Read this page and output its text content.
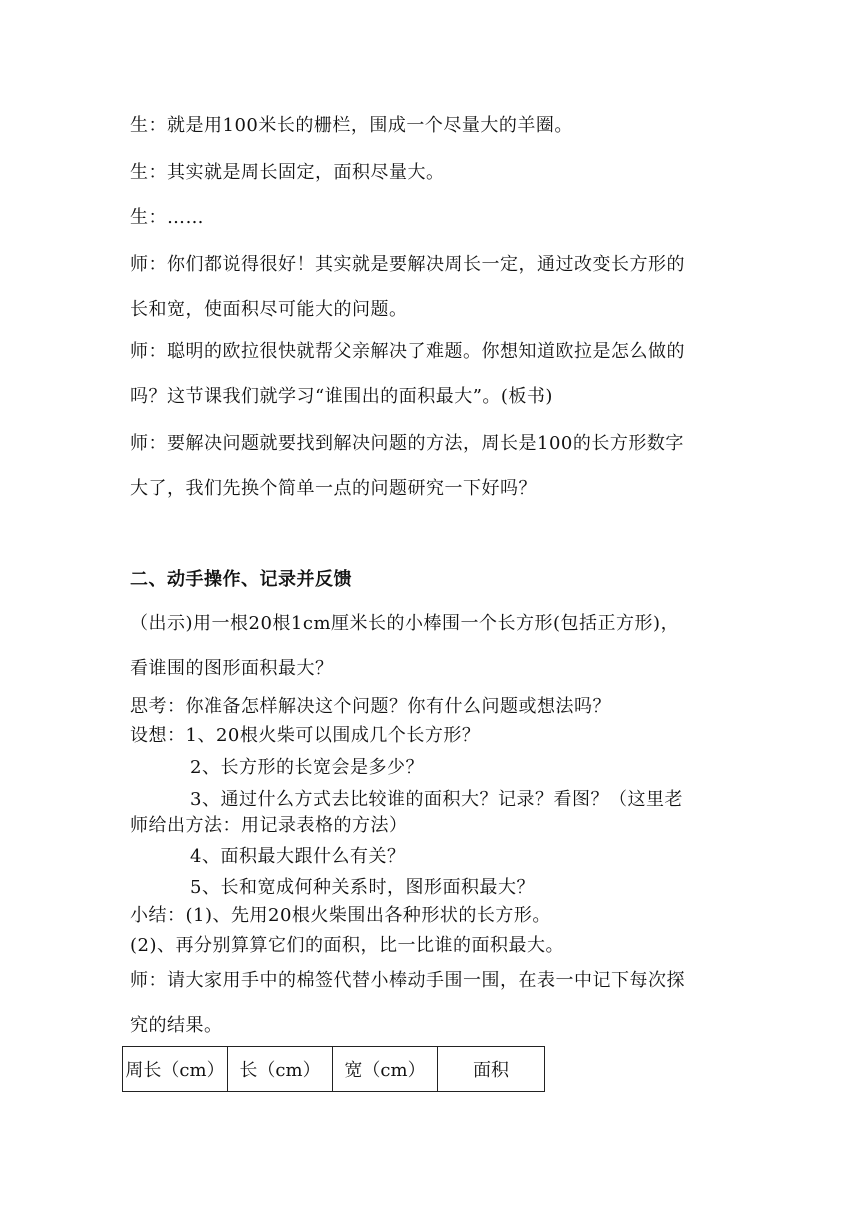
生：就是用100米长的栅栏，围成一个尽量大的羊圈。
生：其实就是周长固定，面积尽量大。
生：……
师：你们都说得很好！其实就是要解决周长一定，通过改变长方形的
长和宽，使面积尽可能大的问题。
师：聪明的欧拉很快就帮父亲解决了难题。你想知道欧拉是怎么做的
吗？这节课我们就学习“谁围出的面积最大”。(板书)
师：要解决问题就要找到解决问题的方法，周长是100的长方形数字
大了，我们先换个简单一点的问题研究一下好吗？
二、动手操作、记录并反馈
（出示)用一根20根1cm厘米长的小棒围一个长方形(包括正方形)，
看谁围的图形面积最大？
思考：你准备怎样解决这个问题？你有什么问题或想法吗？
设想：1、20根火柴可以围成几个长方形？
2、长方形的长宽会是多少？
3、通过什么方式去比较谁的面积大？记录？看图？（这里老
师给出方法：用记录表格的方法）
4、面积最大跟什么有关？
5、长和宽成何种关系时，图形面积最大？
小结：(1)、先用20根火柴围出各种形状的长方形。
(2)、再分别算算它们的面积，比一比谁的面积最大。
师：请大家用手中的棉签代替小棒动手围一围，在表一中记下每次探
究的结果。
周长（cm）	长（cm）	宽（cm）	面积
